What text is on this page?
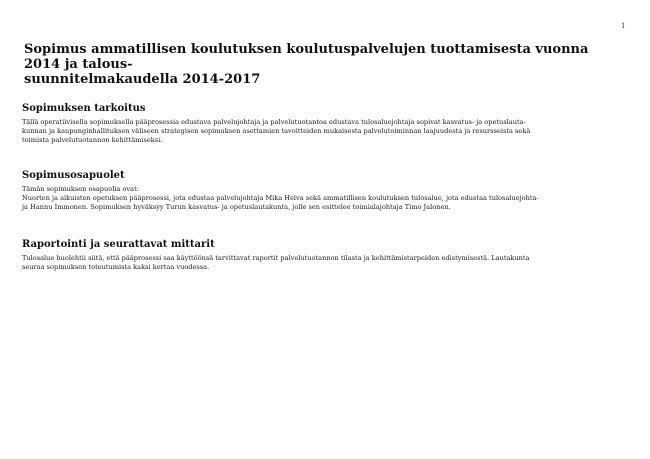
1
Sopimus ammatillisen koulutuksen koulutuspalvelujen tuottamisesta vuonna 2014 ja talous-
suunnitelmakaudella 2014-2017
Sopimuksen tarkoitus

Tällä operatiivisella sopimuksella pääprosessia edustava palvelujohtaja ja palvelutuotantoa edustava tulosaluejohtaja sopivat kasvatus- ja opetuslauta-
kunnan ja kaupunginhallituksen väliseen strategisen sopimuksen asettamien tavoitteiden mukaisesta palvelutoiminnan laajuudesta ja resursseista sekä
toimista palvelutuotannon kehittämiseksi.

Sopimusosapuolet

Tämän sopimuksen osapuolia ovat:
Nuorten ja aikuisten opetuksen pääprosessi, jota edustaa palvelujohtaja Mika Helva sekä ammatillisen koulutuksen tulosalue, jota edustaa tulosaluejohta-
ja Hannu Immonen. Sopimuksen hyväksyy Turun kasvatus- ja opetuslautakunta, jolle sen esittelee toimialajohtaja Timo Jalonen.

Raportointi ja seurattavat mittarit

Tulosalue huolehtii siitä, että pääprosessi saa käyttöönsä tarvittavat raportit palvelutuotannon tilasta ja kehittämistarpeiden edistymisestä. Lautakunta
seuraa sopimuksen toteutumista kaksi kertaa vuodessa.
